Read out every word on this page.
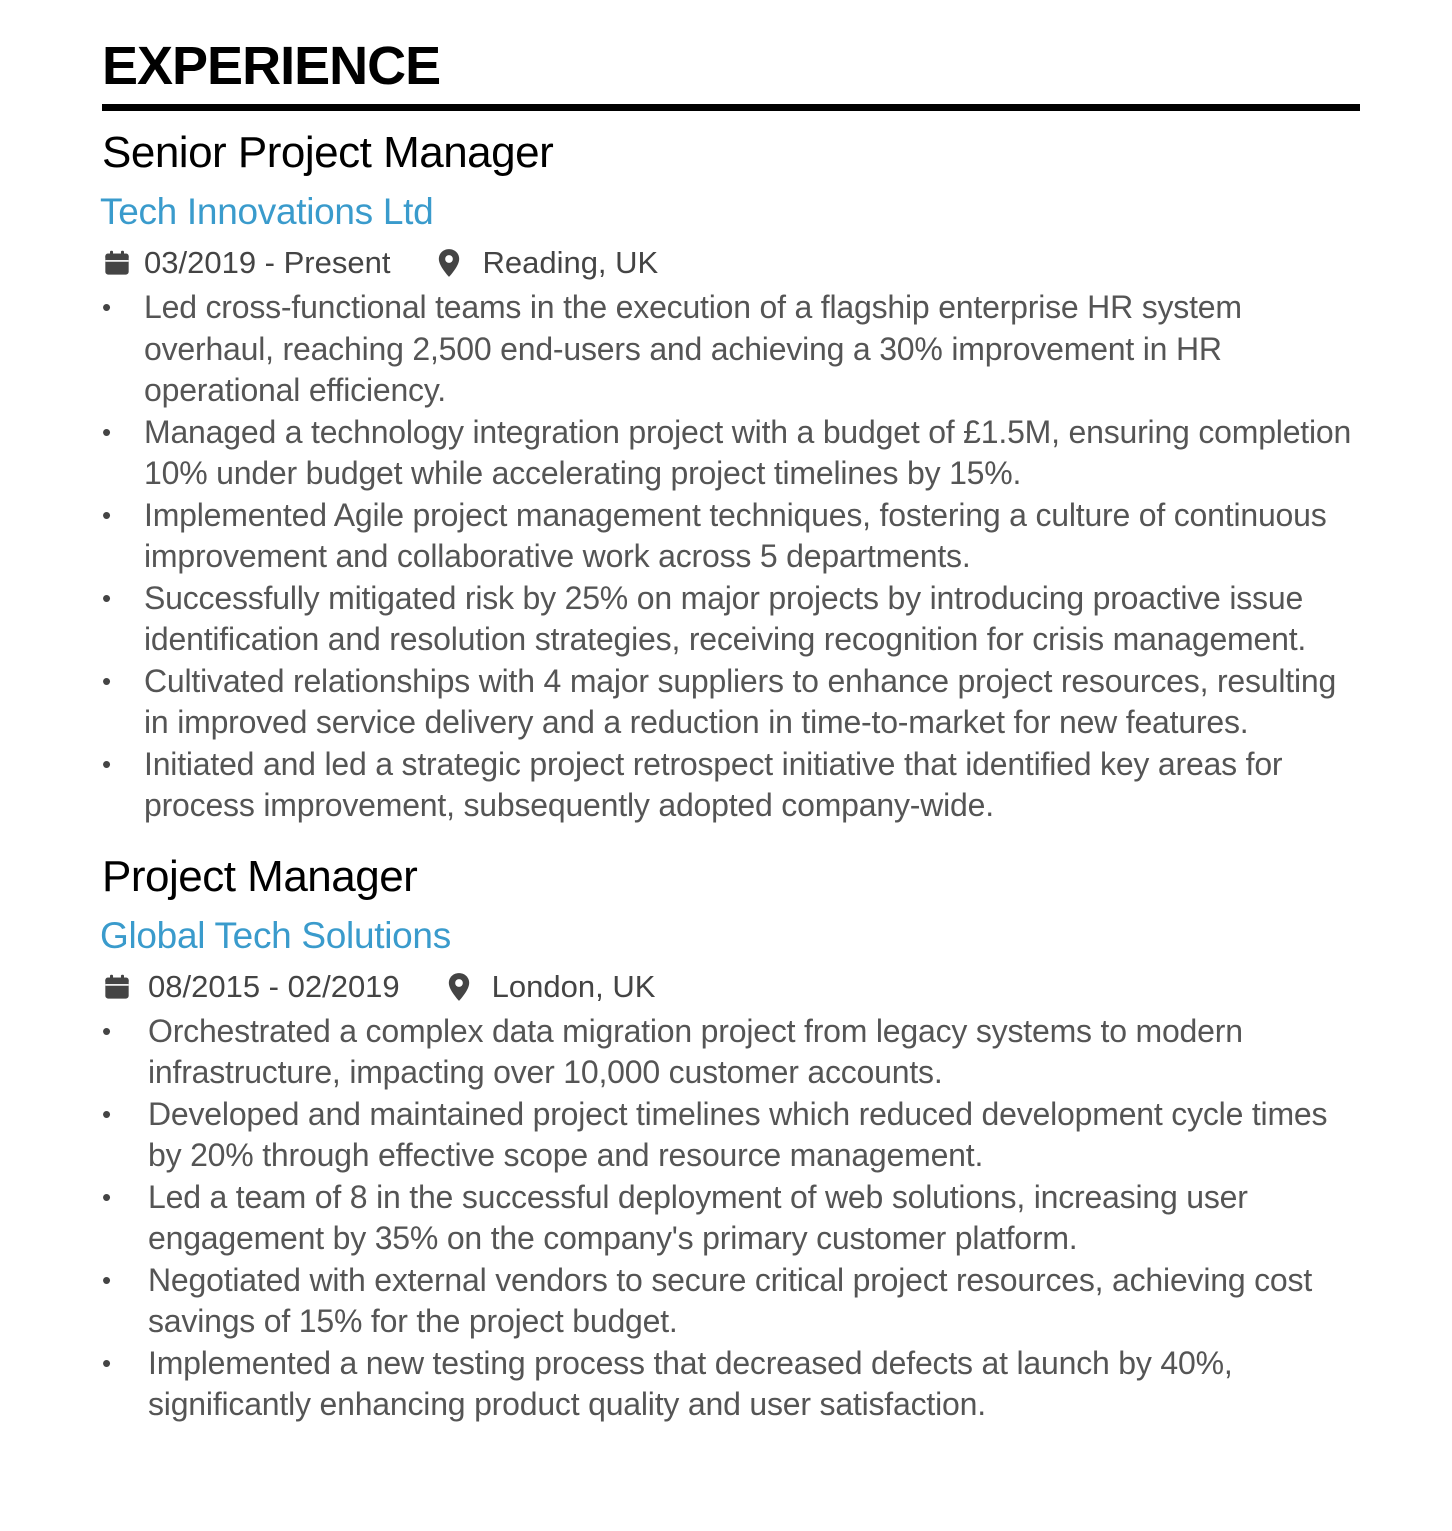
EXPERIENCE
Senior Project Manager
Tech Innovations Ltd
03/2019 - Present	Reading, UK
• Led cross-functional teams in the execution of a flagship enterprise HR system overhaul, reaching 2,500 end-users and achieving a 30% improvement in HR operational efficiency.
• Managed a technology integration project with a budget of £1.5M, ensuring completion 10% under budget while accelerating project timelines by 15%.
• Implemented Agile project management techniques, fostering a culture of continuous improvement and collaborative work across 5 departments.
• Successfully mitigated risk by 25% on major projects by introducing proactive issue identification and resolution strategies, receiving recognition for crisis management.
• Cultivated relationships with 4 major suppliers to enhance project resources, resulting in improved service delivery and a reduction in time-to-market for new features.
• Initiated and led a strategic project retrospect initiative that identified key areas for process improvement, subsequently adopted company-wide.
Project Manager
Global Tech Solutions
08/2015 - 02/2019	London, UK
• Orchestrated a complex data migration project from legacy systems to modern infrastructure, impacting over 10,000 customer accounts.
• Developed and maintained project timelines which reduced development cycle times by 20% through effective scope and resource management.
• Led a team of 8 in the successful deployment of web solutions, increasing user engagement by 35% on the company's primary customer platform.
• Negotiated with external vendors to secure critical project resources, achieving cost savings of 15% for the project budget.
• Implemented a new testing process that decreased defects at launch by 40%, significantly enhancing product quality and user satisfaction.
